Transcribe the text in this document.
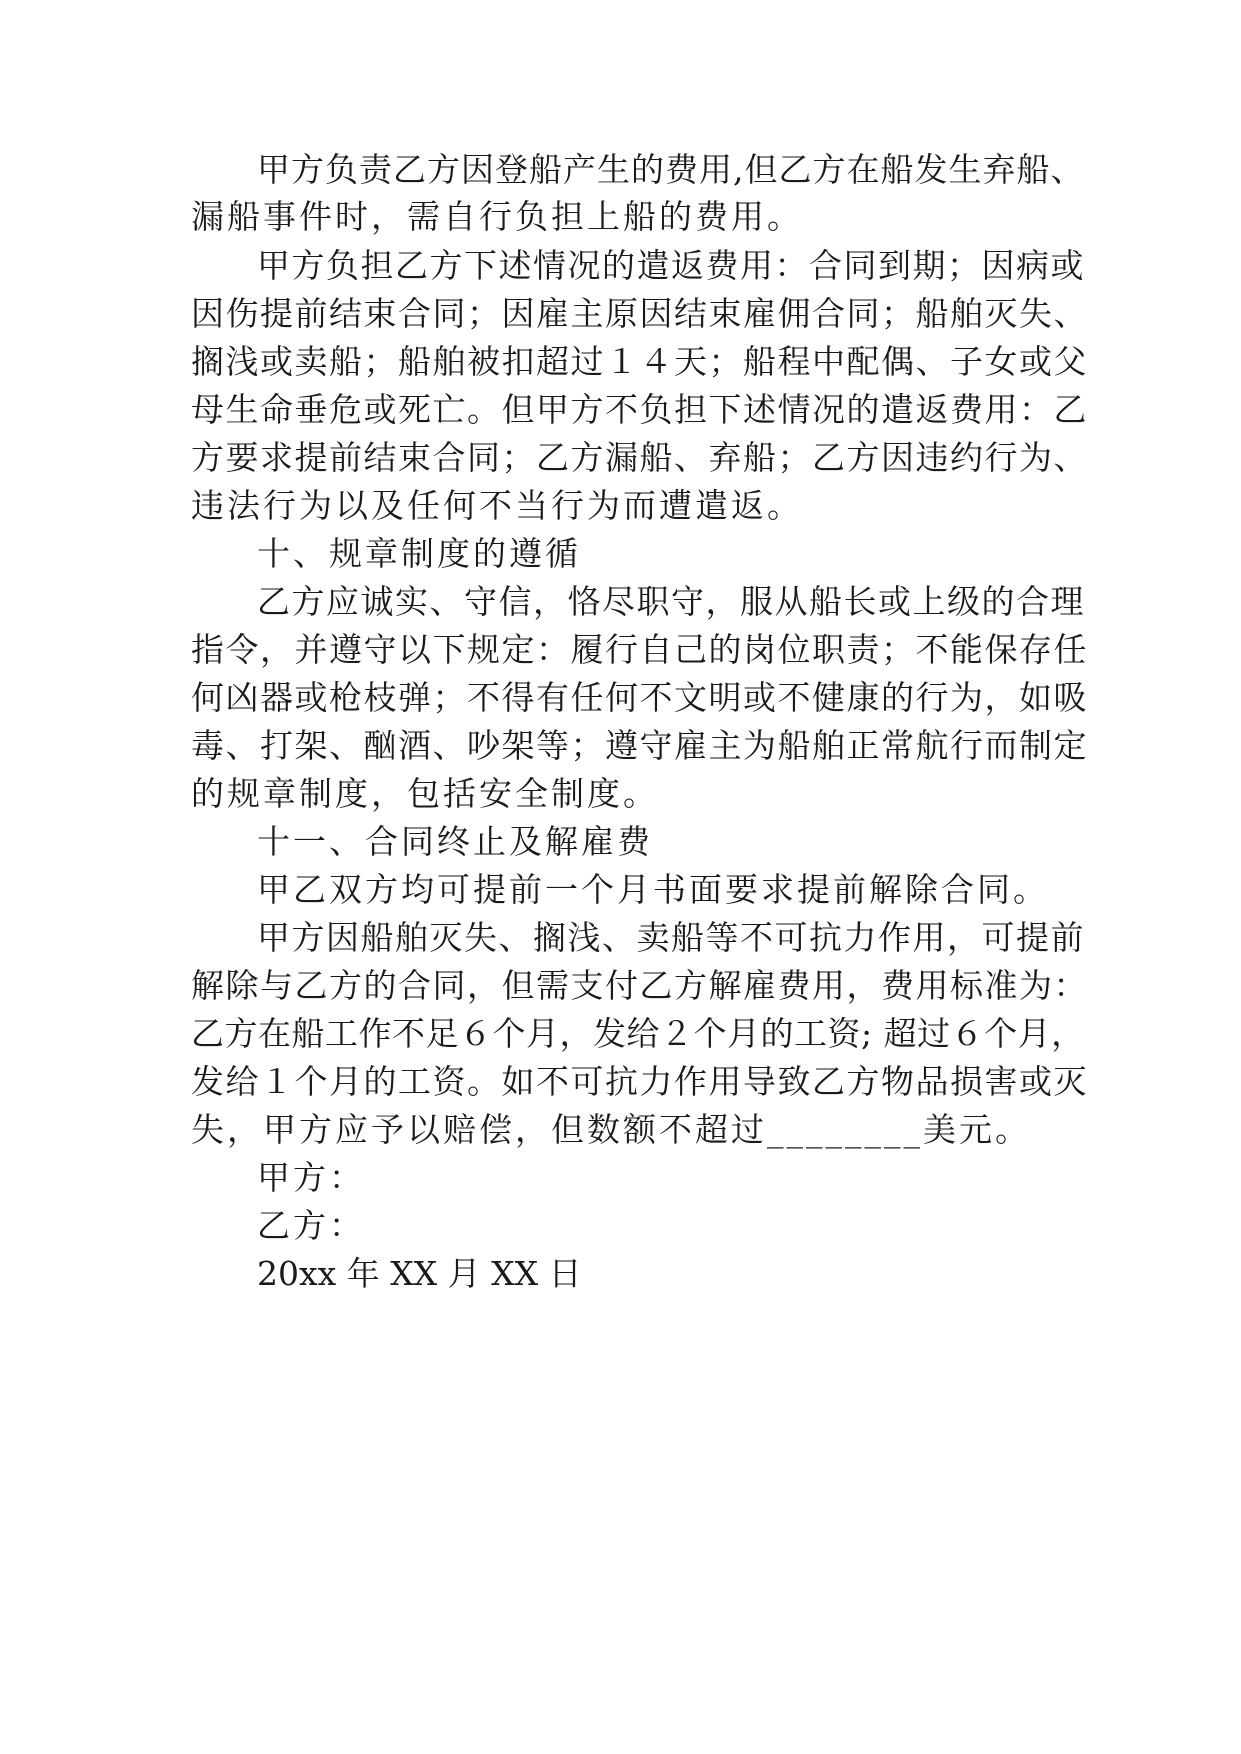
甲方负责乙方因登船产生的费用,但乙方在船发生弃船、
漏船事件时，需自行负担上船的费用。
甲方负担乙方下述情况的遣返费用：合同到期；因病或
因伤提前结束合同；因雇主原因结束雇佣合同；船舶灭失、
搁浅或卖船；船舶被扣超过１４天；船程中配偶、子女或父
母生命垂危或死亡。但甲方不负担下述情况的遣返费用：乙
方要求提前结束合同；乙方漏船、弃船；乙方因违约行为、
违法行为以及任何不当行为而遭遣返。
十、规章制度的遵循
乙方应诚实、守信，恪尽职守，服从船长或上级的合理
指令，并遵守以下规定：履行自己的岗位职责；不能保存任
何凶器或枪枝弹；不得有任何不文明或不健康的行为，如吸
毒、打架、酗酒、吵架等；遵守雇主为船舶正常航行而制定
的规章制度，包括安全制度。
十一、合同终止及解雇费
甲乙双方均可提前一个月书面要求提前解除合同。
甲方因船舶灭失、搁浅、卖船等不可抗力作用，可提前
解除与乙方的合同，但需支付乙方解雇费用，费用标准为：
乙方在船工作不足６个月，发给２个月的工资; 超过６个月，
发给１个月的工资。如不可抗力作用导致乙方物品损害或灭
失，甲方应予以赔偿，但数额不超过________美元。
甲方：
乙方：
20xx 年 XX 月 XX 日
